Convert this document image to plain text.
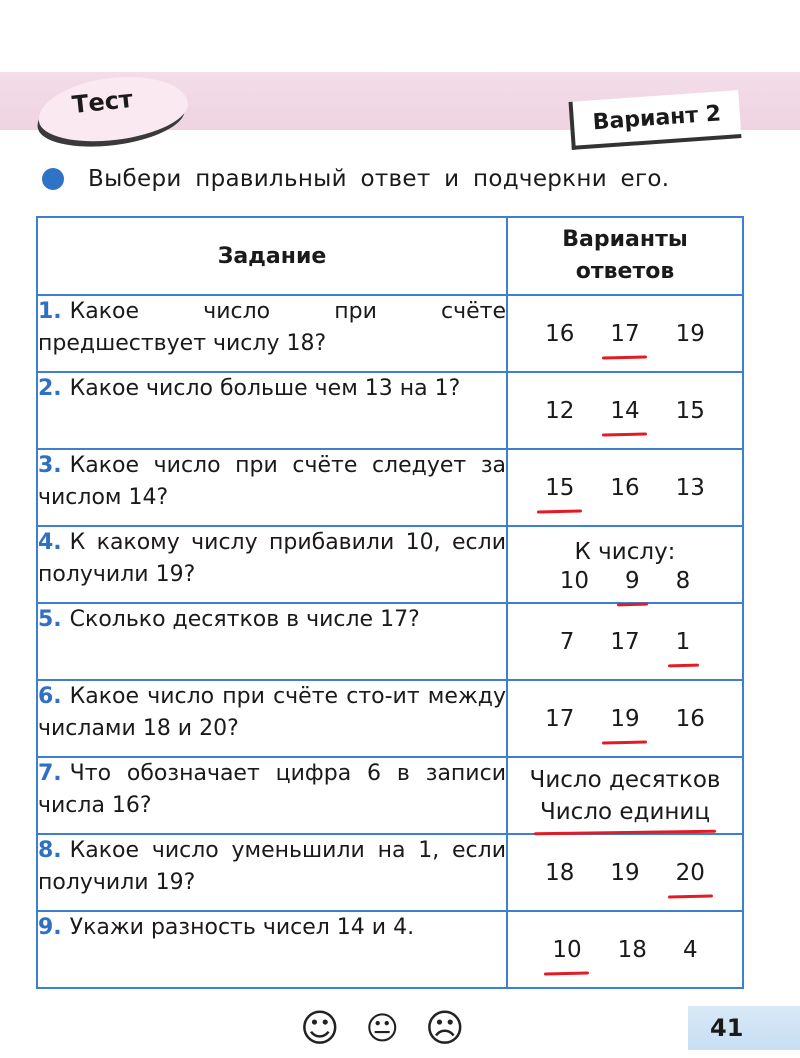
Тест	Вариант 2
Выбери правильный ответ и подчеркни его.
Задание	Варианты
ответов

1. Какое число при счёте предшествует числу 18?	16 17 19

2. Какое число больше чем 13 на 1?	12 14 15

3. Какое число при счёте следует за числом 14?	15 16 13

4. К какому числу прибавили 10, если получили 19?	К числу:
10 9 8

5. Сколько десятков в числе 17?	7 17 1

6. Какое число при счёте сто-ит между числами 18 и 20?	17 19 16

7. Что обозначает цифра 6 в записи числа 16?	Число десятков
Число единиц

8. Какое число уменьшили на 1, если получили 19?	18 19 20

9. Укажи разность чисел 14 и 4.	10 18 4
☺ 😐 ☹	41
